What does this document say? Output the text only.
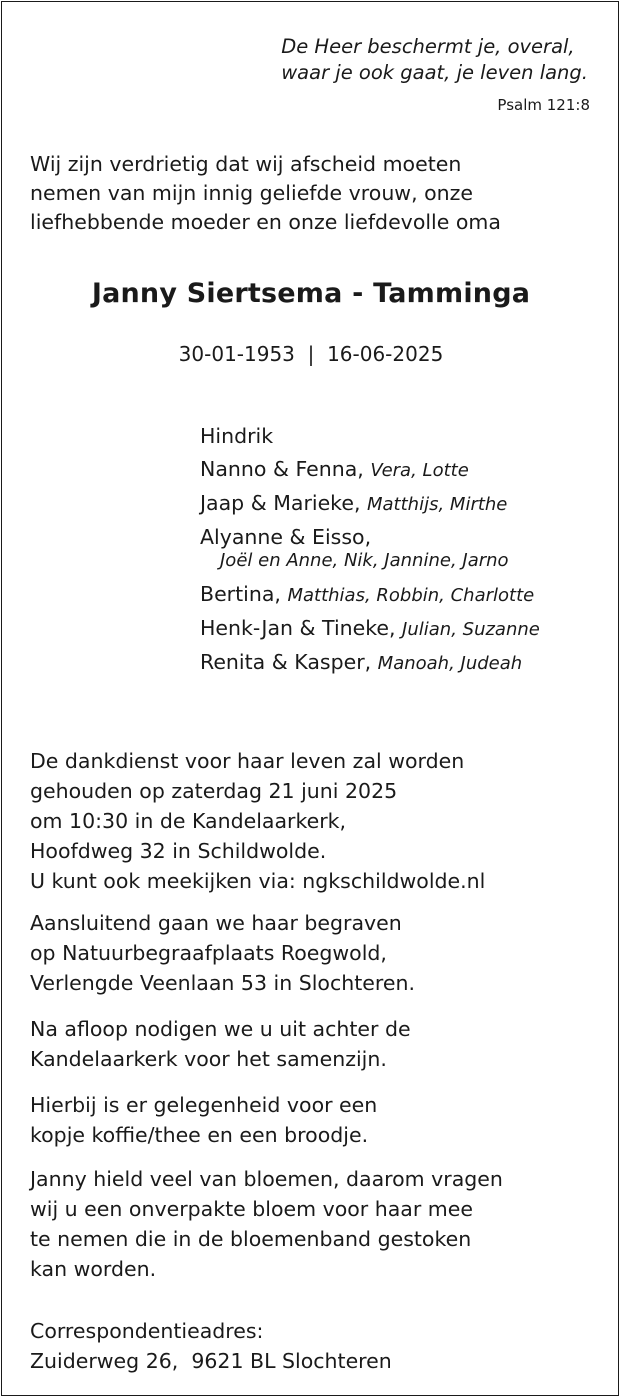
De Heer beschermt je, overal,
waar je ook gaat, je leven lang.
Psalm 121:8
Wij zijn verdrietig dat wij afscheid moeten
nemen van mijn innig geliefde vrouw, onze
liefhebbende moeder en onze liefdevolle oma
Janny Siertsema - Tamminga
30-01-1953  |  16-06-2025
Hindrik
Nanno & Fenna, Vera, Lotte
Jaap & Marieke, Matthijs, Mirthe
Alyanne & Eisso,
Joël en Anne, Nik, Jannine, Jarno
Bertina, Matthias, Robbin, Charlotte
Henk-Jan & Tineke, Julian, Suzanne
Renita & Kasper, Manoah, Judeah

De dankdienst voor haar leven zal worden

gehouden op zaterdag 21 juni 2025

om 10:30 in de Kandelaarkerk,

Hoofdweg 32 in Schildwolde.

U kunt ook meekijken via: ngkschildwolde.nl

Aansluitend gaan we haar begraven

op Natuurbegraafplaats Roegwold,

Verlengde Veenlaan 53 in Slochteren.

Na afloop nodigen we u uit achter de

Kandelaarkerk voor het samenzijn.

Hierbij is er gelegenheid voor een

kopje koffie/thee en een broodje.

Janny hield veel van bloemen, daarom vragen

wij u een onverpakte bloem voor haar mee

te nemen die in de bloemenband gestoken

kan worden.

Correspondentieadres:

Zuiderweg 26,  9621 BL Slochteren
